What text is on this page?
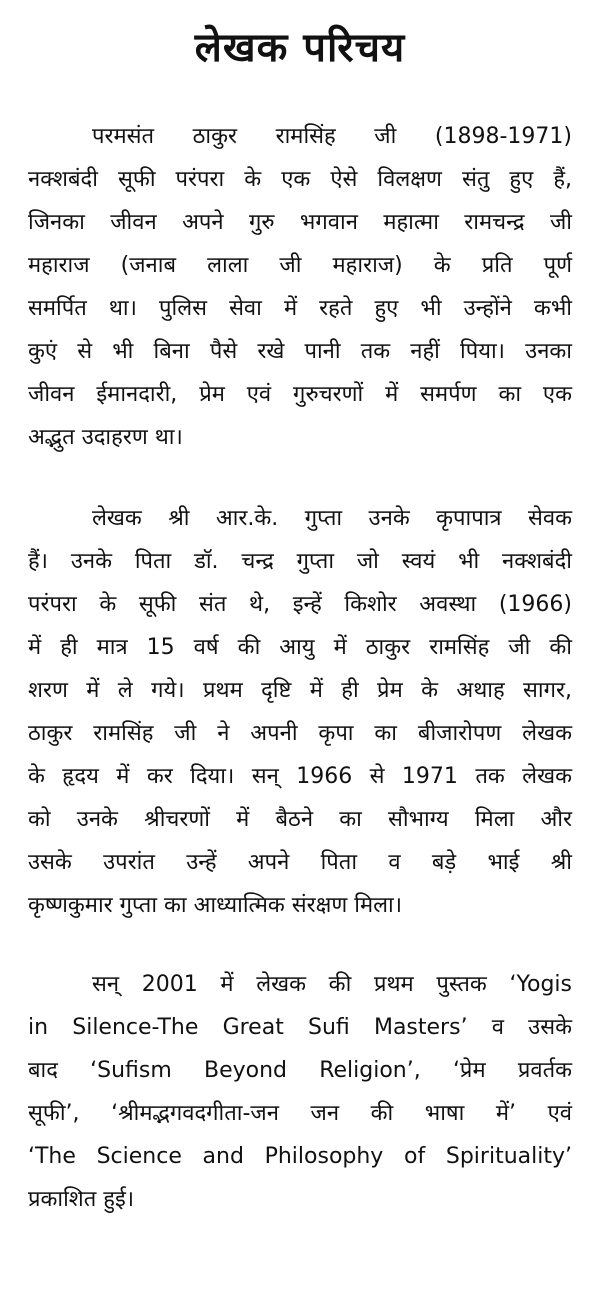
लेखक परिचय
परमसंत ठाकुर रामसिंह जी (1898-1971)
नक्शबंदी सूफी परंपरा के एक ऐसे विलक्षण संतु हुए हैं,
जिनका जीवन अपने गुरु भगवान महात्मा रामचन्द्र जी
महाराज (जनाब लाला जी महाराज) के प्रति पूर्ण
समर्पित था। पुलिस सेवा में रहते हुए भी उन्होंने कभी
कुएं से भी बिना पैसे रखे पानी तक नहीं पिया। उनका
जीवन ईमानदारी, प्रेम एवं गुरुचरणों में समर्पण का एक
अद्भुत उदाहरण था।
लेखक श्री आर.के. गुप्ता उनके कृपापात्र सेवक
हैं। उनके पिता डॉ. चन्द्र गुप्ता जो स्वयं भी नक्शबंदी
परंपरा के सूफी संत थे, इन्हें किशोर अवस्था (1966)
में ही मात्र 15 वर्ष की आयु में ठाकुर रामसिंह जी की
शरण में ले गये। प्रथम दृष्टि में ही प्रेम के अथाह सागर,
ठाकुर रामसिंह जी ने अपनी कृपा का बीजारोपण लेखक
के हृदय में कर दिया। सन् 1966 से 1971 तक लेखक
को उनके श्रीचरणों में बैठने का सौभाग्य मिला और
उसके उपरांत उन्हें अपने पिता व बड़े भाई श्री
कृष्णकुमार गुप्ता का आध्यात्मिक संरक्षण मिला।
सन् 2001 में लेखक की प्रथम पुस्तक ‘Yogis
in Silence-The Great Sufi Masters’ व उसके
बाद ‘Sufism Beyond Religion’, ‘प्रेम प्रवर्तक
सूफी’, ‘श्रीमद्भगवदगीता-जन जन की भाषा में’ एवं
‘The Science and Philosophy of Spirituality’
प्रकाशित हुई।
